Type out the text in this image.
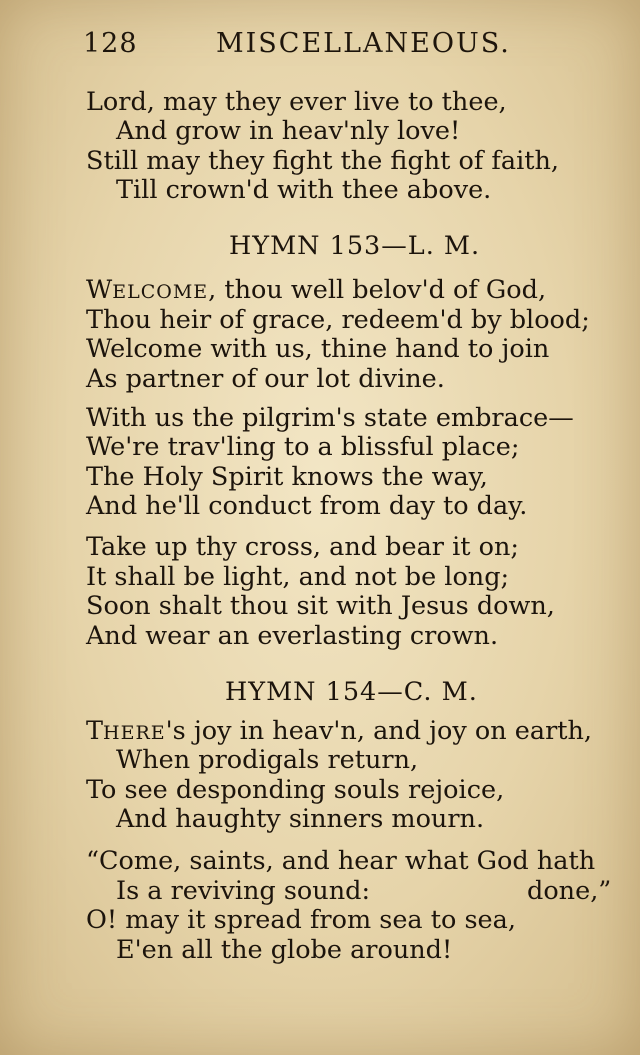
128	MISCELLANEOUS.
Lord, may they ever live to thee,
And grow in heav'nly love!
Still may they fight the fight of faith,
Till crown'd with thee above.
HYMN 153—L. M.
WELCOME, thou well belov'd of God,
Thou heir of grace, redeem'd by blood;
Welcome with us, thine hand to join
As partner of our lot divine.
With us the pilgrim's state embrace—
We're trav'ling to a blissful place;
The Holy Spirit knows the way,
And he'll conduct from day to day.
Take up thy cross, and bear it on;
It shall be light, and not be long;
Soon shalt thou sit with Jesus down,
And wear an everlasting crown.
HYMN 154—C. M.
THERE's joy in heav'n, and joy on earth,
When prodigals return,
To see desponding souls rejoice,
And haughty sinners mourn.
“Come, saints, and hear what God hath
Is a reviving sound:	done,”
O! may it spread from sea to sea,
E'en all the globe around!
